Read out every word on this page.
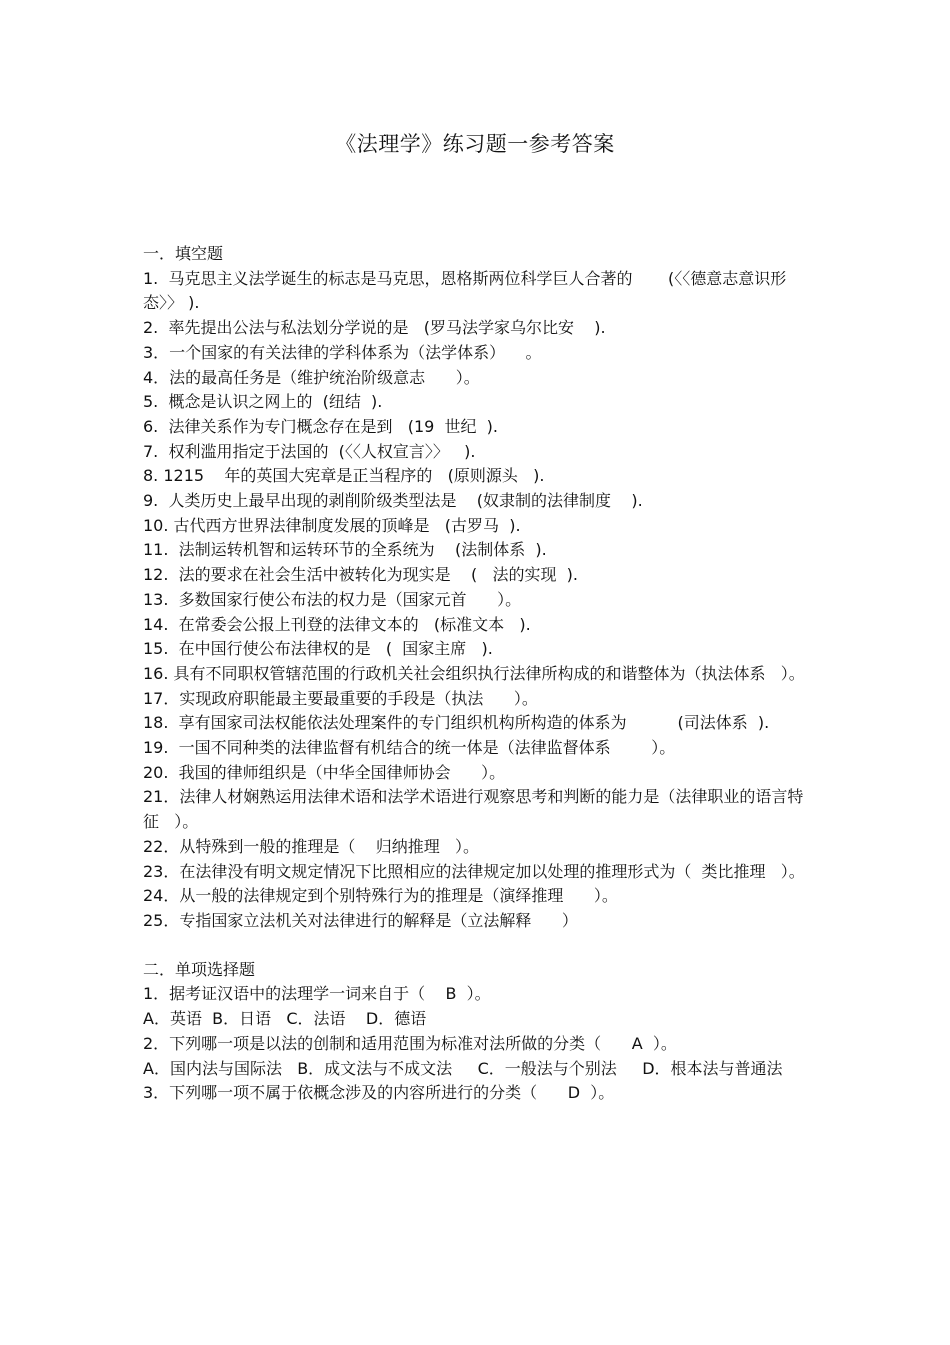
《法理学》练习题一参考答案
一．填空题
1.  马克思主义法学诞生的标志是马克思，恩格斯两位科学巨人合著的       (〈〈德意志意识形态〉〉 ).
2.  率先提出公法与私法划分学说的是   (罗马法学家乌尔比安    ).
3．一个国家的有关法律的学科体系为（法学体系）    。
4．法的最高任务是（维护统治阶级意志      ）。
5.  概念是认识之网上的  (纽结  ).
6.  法律关系作为专门概念存在是到   (19  世纪  ).
7.  权利滥用指定于法国的  (〈〈人权宣言〉〉   ).
8. 1215    年的英国大宪章是正当程序的   (原则源头   ).
9.  人类历史上最早出现的剥削阶级类型法是    (奴隶制的法律制度    ).
10. 古代西方世界法律制度发展的顶峰是   (古罗马  ).
11.  法制运转机智和运转环节的全系统为    (法制体系  ).
12.  法的要求在社会生活中被转化为现实是    (   法的实现  ).
13.  多数国家行使公布法的权力是（国家元首      ）。
14.  在常委会公报上刊登的法律文本的   (标准文本   ).
15.  在中国行使公布法律权的是   (  国家主席   ).
16. 具有不同职权管辖范围的行政机关社会组织执行法律所构成的和谐整体为（执法体系   ）。
17．实现政府职能最主要最重要的手段是（执法      ）。
18.  享有国家司法权能依法处理案件的专门组织机构所构造的体系为          (司法体系  ).
19.  一国不同种类的法律监督有机结合的统一体是（法律监督体系        ）。
20.  我国的律师组织是（中华全国律师协会      ）。
21．法律人材娴熟运用法律术语和法学术语进行观察思考和判断的能力是（法律职业的语言特征   ）。
22．从特殊到一般的推理是（    归纳推理   ）。
23．在法律没有明文规定情况下比照相应的法律规定加以处理的推理形式为（  类比推理   ）。
24．从一般的法律规定到个别特殊行为的推理是（演绎推理      ）。
25．专指国家立法机关对法律进行的解释是（立法解释      ）
二．单项选择题
1．据考证汉语中的法理学一词来自于（    B  ）。
A．英语  B．日语   C．法语    D．德语
2．下列哪一项是以法的创制和适用范围为标准对法所做的分类（      A  ）。
A．国内法与国际法   B．成文法与不成文法     C．一般法与个别法     D．根本法与普通法
3．下列哪一项不属于依概念涉及的内容所进行的分类（      D  ）。
